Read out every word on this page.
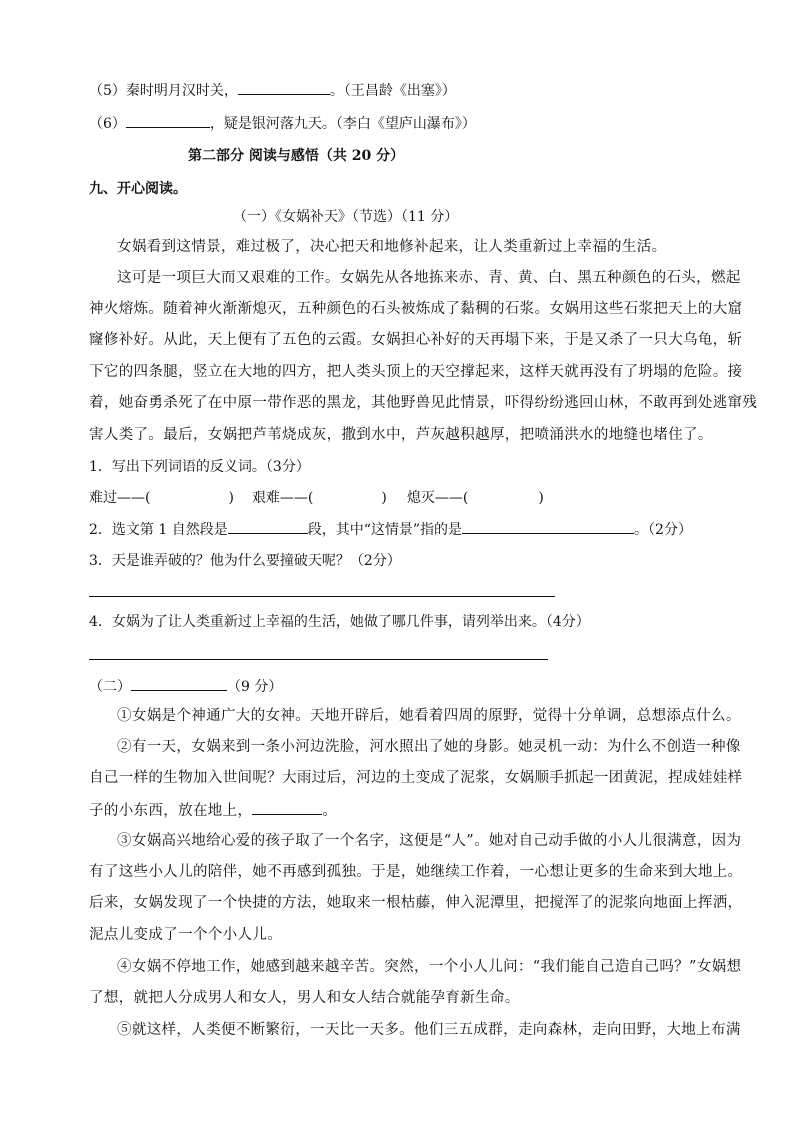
（5）秦时明月汉时关，	。（王昌龄《出塞》）
（6）	，疑是银河落九天。（李白《望庐山瀑布》）
第二部分 阅读与感悟（共 20 分）
九、开心阅读。
（一）《女娲补天》（节选）（11 分）
女娲看到这情景，难过极了，决心把天和地修补起来，让人类重新过上幸福的生活。
这可是一项巨大而又艰难的工作。女娲先从各地拣来赤、青、黄、白、黑五种颜色的石头，燃起
神火熔炼。随着神火渐渐熄灭，五种颜色的石头被炼成了黏稠的石浆。女娲用这些石浆把天上的大窟
窿修补好。从此，天上便有了五色的云霞。女娲担心补好的天再塌下来，于是又杀了一只大乌龟，斩
下它的四条腿，竖立在大地的四方，把人类头顶上的天空撑起来，这样天就再没有了坍塌的危险。接
着，她奋勇杀死了在中原一带作恶的黑龙，其他野兽见此情景，吓得纷纷逃回山林，不敢再到处逃窜残
害人类了。最后，女娲把芦苇烧成灰，撒到水中，芦灰越积越厚，把喷涌洪水的地缝也堵住了。
1．写出下列词语的反义词。（3分）
难过——(	) 艰难——(	) 熄灭——(	)
2．选文第 1 自然段是	段，其中“这情景”指的是	。（2分）
3．天是谁弄破的？他为什么要撞破天呢？（2分）
4．女娲为了让人类重新过上幸福的生活，她做了哪几件事，请列举出来。（4分）
（二）	（9 分）
①女娲是个神通广大的女神。天地开辟后，她看着四周的原野，觉得十分单调，总想添点什么。
②有一天，女娲来到一条小河边洗脸，河水照出了她的身影。她灵机一动：为什么不创造一种像
自己一样的生物加入世间呢？大雨过后，河边的土变成了泥浆，女娲顺手抓起一团黄泥，捏成娃娃样
子的小东西，放在地上，	。
③女娲高兴地给心爱的孩子取了一个名字，这便是“人”。她对自己动手做的小人儿很满意，因为
有了这些小人儿的陪伴，她不再感到孤独。于是，她继续工作着，一心想让更多的生命来到大地上。
后来，女娲发现了一个快捷的方法，她取来一根枯藤，伸入泥潭里，把搅浑了的泥浆向地面上挥洒，
泥点儿变成了一个个小人儿。
④女娲不停地工作，她感到越来越辛苦。突然，一个小人儿问：“我们能自己造自己吗？”女娲想
了想，就把人分成男人和女人，男人和女人结合就能孕育新生命。
⑤就这样，人类便不断繁衍，一天比一天多。他们三五成群，走向森林，走向田野，大地上布满
